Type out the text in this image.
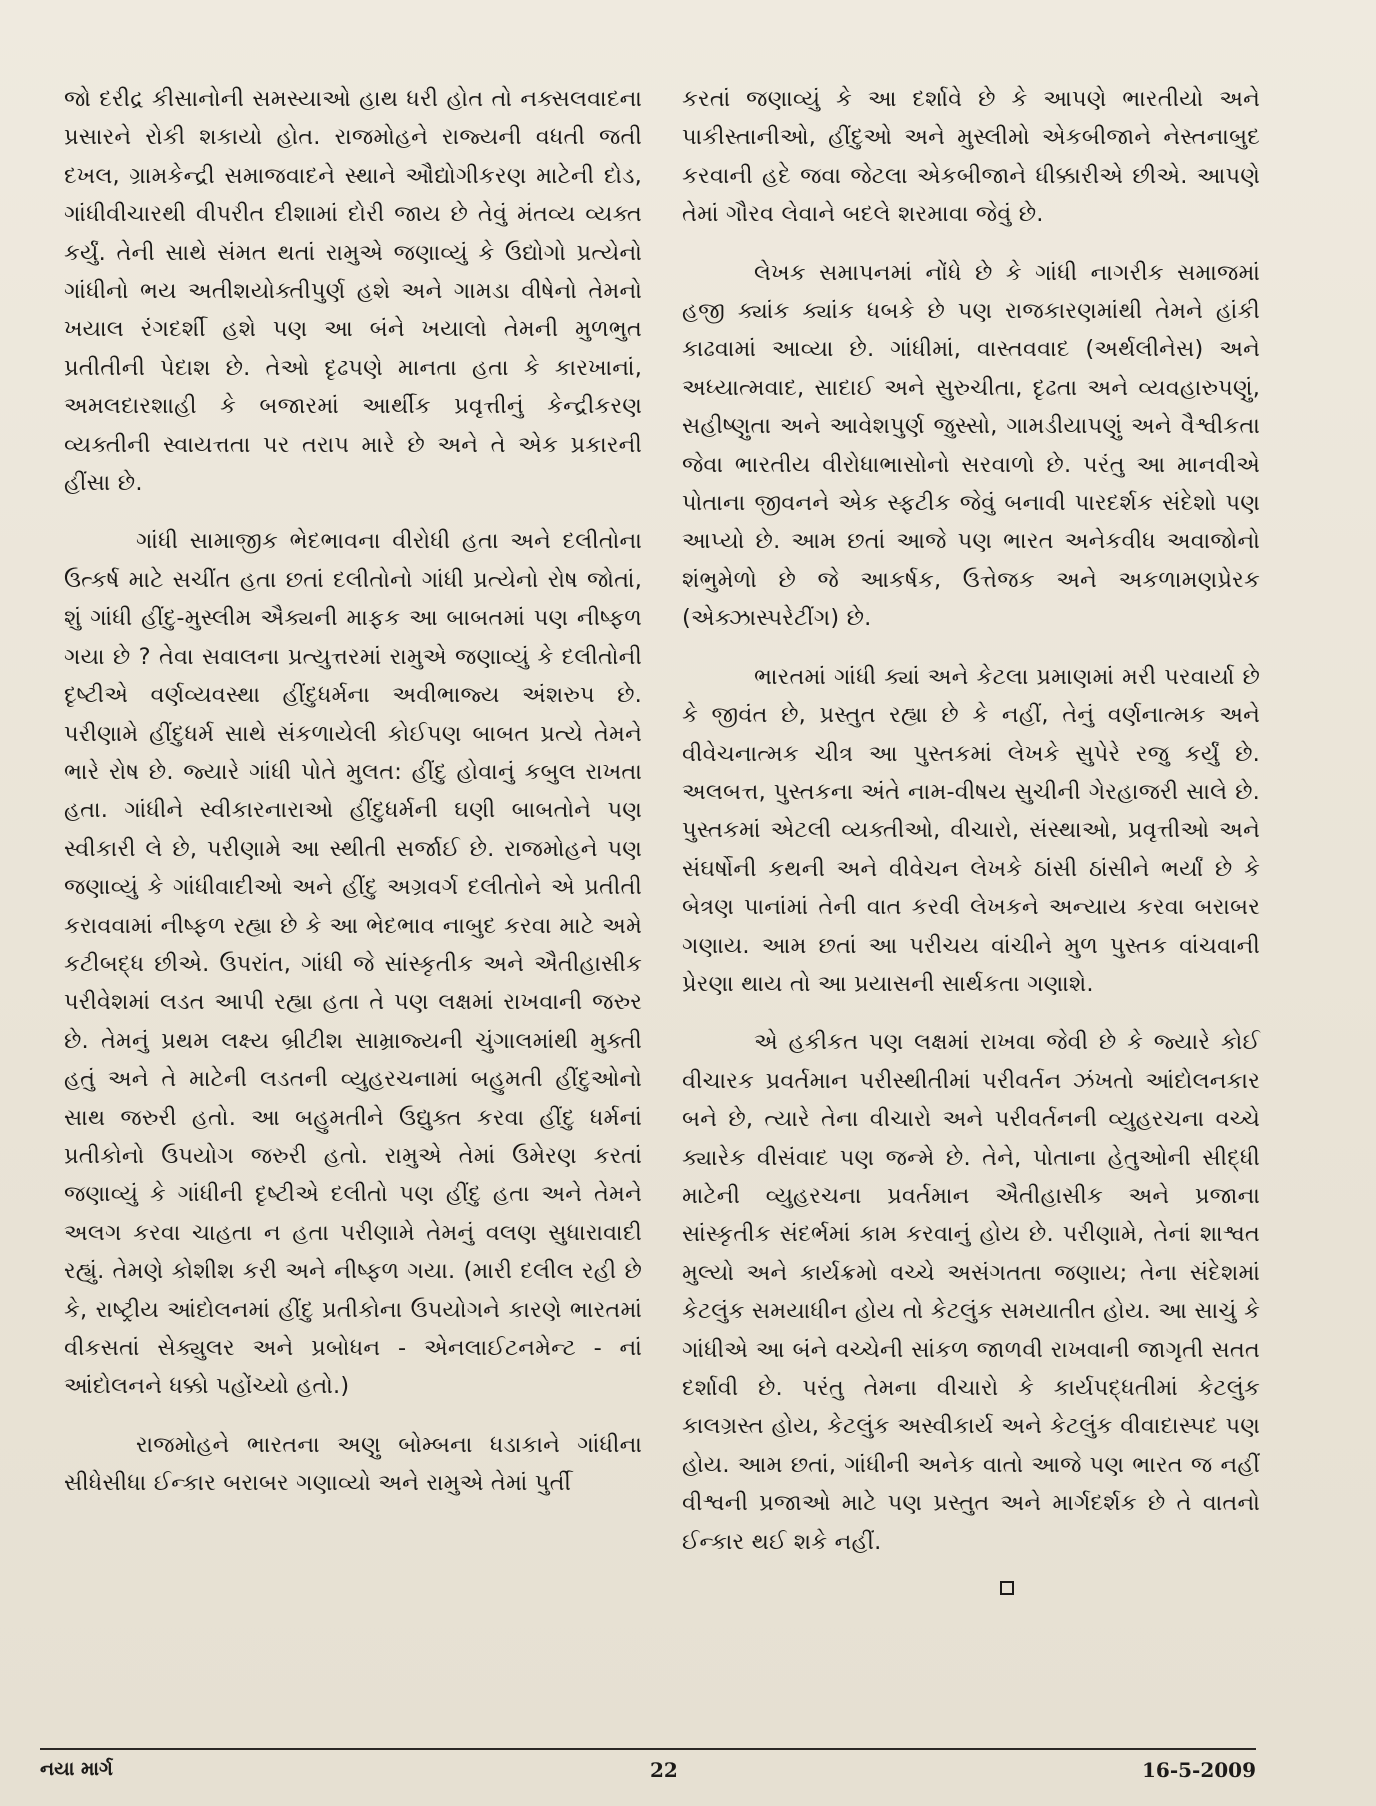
જો દરીદ્ર કીસાનોની સમસ્યાઓ હાથ ધરી હોત તો નક્સલવાદના પ્રસારને રોકી શકાયો હોત. રાજમોહને રાજ્યની વધતી જતી દખલ, ગ્રામકેન્દ્રી સમાજવાદને સ્થાને ઔદ્યોગીકરણ માટેની દોડ, ગાંધીવીચારથી વીપરીત દીશામાં દોરી જાય છે તેવું મંતવ્ય વ્યક્ત કર્યું. તેની સાથે સંમત થતાં રામુએ જણાવ્યું કે ઉદ્યોગો પ્રત્યેનો ગાંધીનો ભય અતીશયોક્તીપુર્ણ હશે અને ગામડા વીષેનો તેમનો ખયાલ રંગદર્શી હશે પણ આ બંને ખયાલો તેમની મુળભુત પ્રતીતીની પેદાશ છે. તેઓ દૃઢપણે માનતા હતા કે કારખાનાં, અમલદારશાહી કે બજારમાં આર્થીક પ્રવૃત્તીનું કેન્દ્રીકરણ વ્યક્તીની સ્વાયત્તતા પર તરાપ મારે છે અને તે એક પ્રકારની હીંસા છે.

ગાંધી સામાજીક ભેદભાવના વીરોધી હતા અને દલીતોના ઉત્કર્ષ માટે સચીંત હતા છતાં દલીતોનો ગાંધી પ્રત્યેનો રોષ જોતાં, શું ગાંધી હીંદુ-મુસ્લીમ ઐક્યની માફક આ બાબતમાં પણ નીષ્ફળ ગયા છે ? તેવા સવાલના પ્રત્યુત્તરમાં રામુએ જણાવ્યું કે દલીતોની દૃષ્ટીએ વર્ણવ્યવસ્થા હીંદુધર્મના અવીભાજ્ય અંશરુપ છે. પરીણામે હીંદુધર્મ સાથે સંકળાયેલી કોઈપણ બાબત પ્રત્યે તેમને ભારે રોષ છે. જ્યારે ગાંધી પોતે મુલત: હીંદુ હોવાનું કબુલ રાખતા હતા. ગાંધીને સ્વીકારનારાઓ હીંદુધર્મની ઘણી બાબતોને પણ સ્વીકારી લે છે, પરીણામે આ સ્થીતી સર્જાઈ છે. રાજમોહને પણ જણાવ્યું કે ગાંધીવાદીઓ અને હીંદુ અગ્રવર્ગ દલીતોને એ પ્રતીતી કરાવવામાં નીષ્ફળ રહ્યા છે કે આ ભેદભાવ નાબુદ કરવા માટે અમે કટીબદ્ધ છીએ. ઉપરાંત, ગાંધી જે સાંસ્કૃતીક અને ઐતીહાસીક પરીવેશમાં લડત આપી રહ્યા હતા તે પણ લક્ષમાં રાખવાની જરુર છે. તેમનું પ્રથમ લક્ષ્ય બ્રીટીશ સામ્રાજ્યની ચુંગાલમાંથી મુક્તી હતું અને તે માટેની લડતની વ્યુહરચનામાં બહુમતી હીંદુઓનો સાથ જરુરી હતો. આ બહુમતીને ઉદ્યુક્ત કરવા હીંદુ ધર્મનાં પ્રતીકોનો ઉપયોગ જરુરી હતો. રામુએ તેમાં ઉમેરણ કરતાં જણાવ્યું કે ગાંધીની દૃષ્ટીએ દલીતો પણ હીંદુ હતા અને તેમને અલગ કરવા ચાહતા ન હતા પરીણામે તેમનું વલણ સુધારાવાદી રહ્યું. તેમણે કોશીશ કરી અને નીષ્ફળ ગયા. (મારી દલીલ રહી છે કે, રાષ્ટ્રીય આંદોલનમાં હીંદુ પ્રતીકોના ઉપયોગને કારણે ભારતમાં વીકસતાં સેક્યુલર અને પ્રબોધન - એનલાઈટનમેન્ટ - નાં આંદોલનને ધક્કો પહોંચ્યો હતો.)

રાજમોહને ભારતના અણુ બોમ્બના ધડાકાને ગાંધીના સીધેસીધા ઈન્કાર બરાબર ગણાવ્યો અને રામુએ તેમાં પુર્તી

કરતાં જણાવ્યું કે આ દર્શાવે છે કે આપણે ભારતીયો અને પાકીસ્તાનીઓ, હીંદુઓ અને મુસ્લીમો એકબીજાને નેસ્તનાબુદ કરવાની હદે જવા જેટલા એકબીજાને ધીક્કારીએ છીએ. આપણે તેમાં ગૌરવ લેવાને બદલે શરમાવા જેવું છે.

લેખક સમાપનમાં નોંધે છે કે ગાંધી નાગરીક સમાજમાં હજી ક્યાંક ક્યાંક ધબકે છે પણ રાજકારણમાંથી તેમને હાંકી કાઢવામાં આવ્યા છે. ગાંધીમાં, વાસ્તવવાદ (અર્થલીનેસ) અને અધ્યાત્મવાદ, સાદાઈ અને સુરુચીતા, દૃઢતા અને વ્યવહારુપણું, સહીષ્ણુતા અને આવેશપુર્ણ જુસ્સો, ગામડીયાપણું અને વૈશ્વીકતા જેવા ભારતીય વીરોધાભાસોનો સરવાળો છે. પરંતુ આ માનવીએ પોતાના જીવનને એક સ્ફટીક જેવું બનાવી પારદર્શક સંદેશો પણ આપ્યો છે. આમ છતાં આજે પણ ભારત અનેકવીધ અવાજોનો શંભુમેળો છે જે આકર્ષક, ઉત્તેજક અને અકળામણપ્રેરક (એક્ઝાસ્પરેટીંગ) છે.

ભારતમાં ગાંધી ક્યાં અને કેટલા પ્રમાણમાં મરી પરવાર્યા છે કે જીવંત છે, પ્રસ્તુત રહ્યા છે કે નહીં, તેનું વર્ણનાત્મક અને વીવેચનાત્મક ચીત્ર આ પુસ્તકમાં લેખકે સુપેરે રજુ કર્યું છે. અલબત્ત, પુસ્તકના અંતે નામ-વીષય સુચીની ગેરહાજરી સાલે છે. પુસ્તકમાં એટલી વ્યક્તીઓ, વીચારો, સંસ્થાઓ, પ્રવૃત્તીઓ અને સંઘર્ષોની કથની અને વીવેચન લેખકે ઠાંસી ઠાંસીને ભર્યાં છે કે બેત્રણ પાનાંમાં તેની વાત કરવી લેખકને અન્યાય કરવા બરાબર ગણાય. આમ છતાં આ પરીચય વાંચીને મુળ પુસ્તક વાંચવાની પ્રેરણા થાય તો આ પ્રયાસની સાર્થકતા ગણાશે.

એ હકીકત પણ લક્ષમાં રાખવા જેવી છે કે જ્યારે કોઈ વીચારક પ્રવર્તમાન પરીસ્થીતીમાં પરીવર્તન ઝંખતો આંદોલનકાર બને છે, ત્યારે તેના વીચારો અને પરીવર્તનની વ્યુહરચના વચ્ચે ક્યારેક વીસંવાદ પણ જન્મે છે. તેને, પોતાના હેતુઓની સીદ્ધી માટેની વ્યુહરચના પ્રવર્તમાન ઐતીહાસીક અને પ્રજાના સાંસ્કૃતીક સંદર્ભમાં કામ કરવાનું હોય છે. પરીણામે, તેનાં શાશ્વત મુલ્યો અને કાર્યક્રમો વચ્ચે અસંગતતા જણાય; તેના સંદેશમાં કેટલુંક સમયાધીન હોય તો કેટલુંક સમયાતીત હોય. આ સાચું કે ગાંધીએ આ બંને વચ્ચેની સાંકળ જાળવી રાખવાની જાગૃતી સતત દર્શાવી છે. પરંતુ તેમના વીચારો કે કાર્યપદ્ધતીમાં કેટલુંક કાલગ્રસ્ત હોય, કેટલુંક અસ્વીકાર્ય અને કેટલુંક વીવાદાસ્પદ પણ હોય. આમ છતાં, ગાંધીની અનેક વાતો આજે પણ ભારત જ નહીં વીશ્વની પ્રજાઓ માટે પણ પ્રસ્તુત અને માર્ગદર્શક છે તે વાતનો ઈન્કાર થઈ શકે નહીં.

નયા માર્ગ	22	16-5-2009
